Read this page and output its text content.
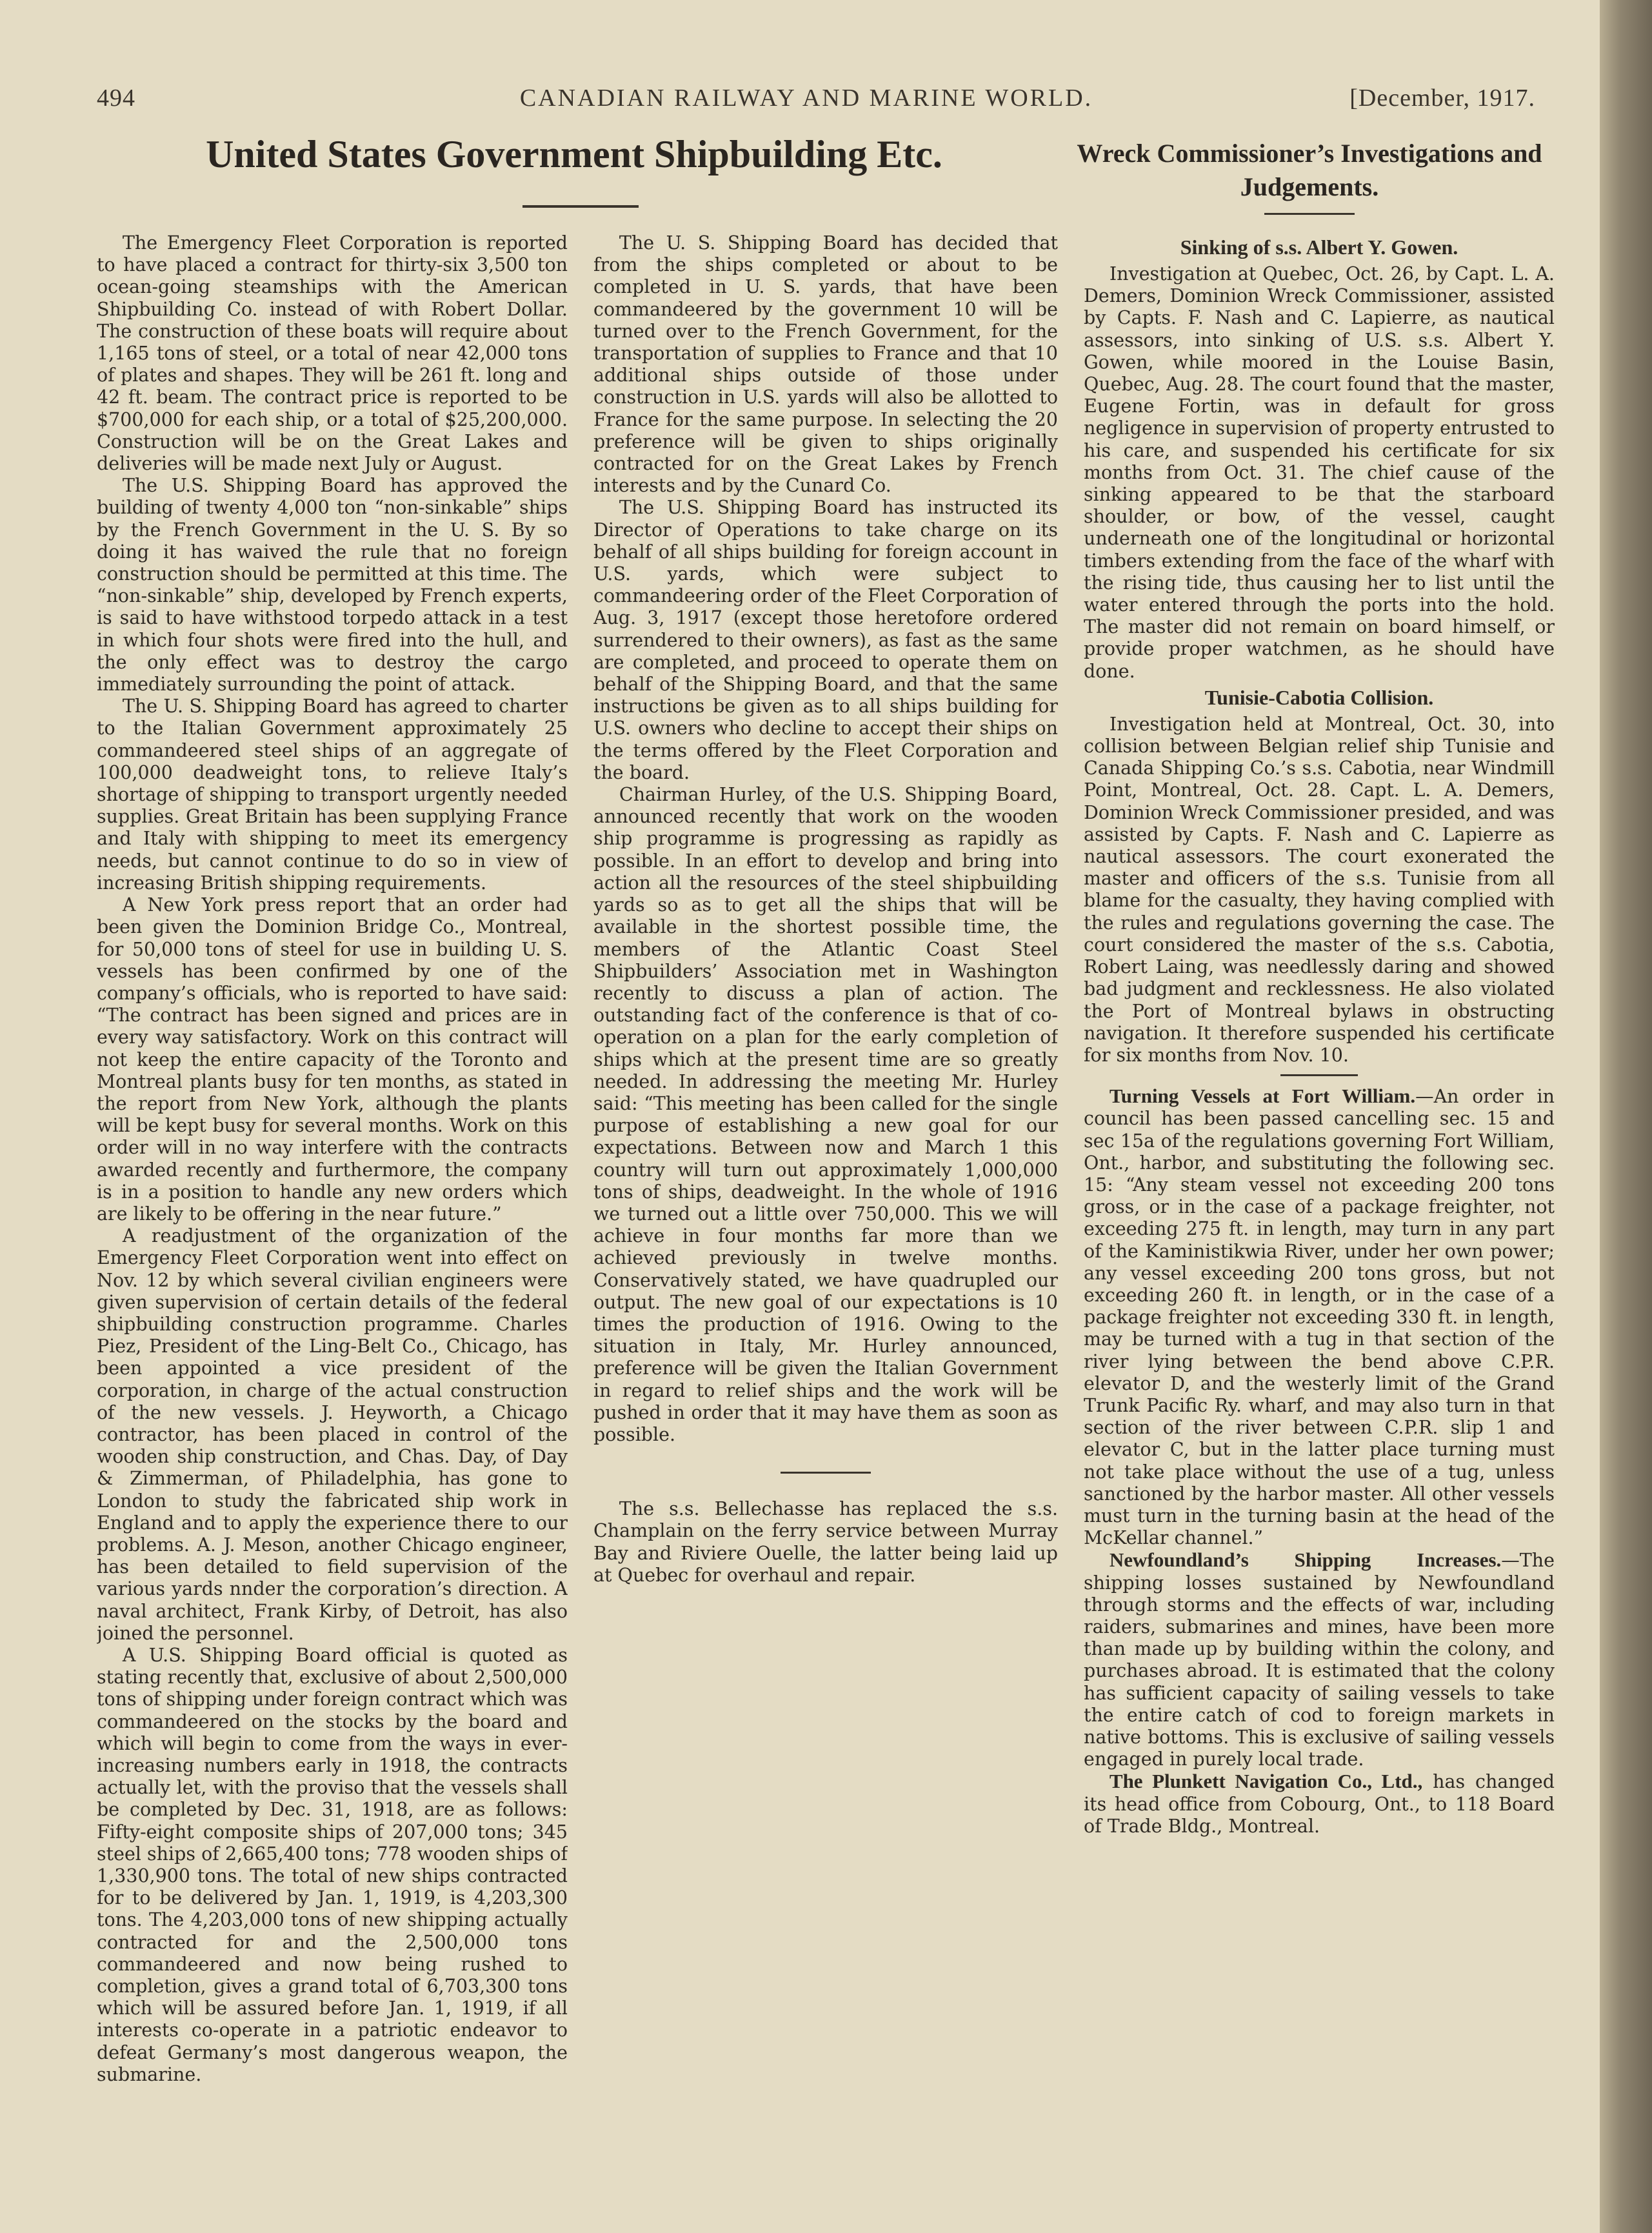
494	CANADIAN RAILWAY AND MARINE WORLD.	[December, 1917.
United States Government Shipbuilding Etc.	Wreck Commissioner’s Investigations and Judgements.

The Emergency Fleet Corporation is reported to have placed a contract for thirty-six 3,500 ton ocean-going steamships with the American Shipbuilding Co. instead of with Robert Dollar. The construction of these boats will require about 1,165 tons of steel, or a total of near 42,000 tons of plates and shapes. They will be 261 ft. long and 42 ft. beam. The contract price is reported to be $700,000 for each ship, or a total of $25,200,000. Construction will be on the Great Lakes and deliveries will be made next July or August.

The U.S. Shipping Board has approved the building of twenty 4,000 ton “non-sinkable” ships by the French Government in the U. S. By so doing it has waived the rule that no foreign construction should be permitted at this time. The “non-sinkable” ship, developed by French experts, is said to have withstood torpedo attack in a test in which four shots were fired into the hull, and the only effect was to destroy the cargo immediately surrounding the point of attack.

The U. S. Shipping Board has agreed to charter to the Italian Government approximately 25 commandeered steel ships of an aggregate of 100,000 deadweight tons, to relieve Italy’s shortage of shipping to transport urgently needed supplies. Great Britain has been supplying France and Italy with shipping to meet its emergency needs, but cannot continue to do so in view of increasing British shipping requirements.

A New York press report that an order had been given the Dominion Bridge Co., Montreal, for 50,000 tons of steel for use in building U. S. vessels has been confirmed by one of the company’s officials, who is reported to have said: “The contract has been signed and prices are in every way satisfactory. Work on this contract will not keep the entire capacity of the Toronto and Montreal plants busy for ten months, as stated in the report from New York, although the plants will be kept busy for several months. Work on this order will in no way interfere with the contracts awarded recently and furthermore, the company is in a position to handle any new orders which are likely to be offering in the near future.”

A readjustment of the organization of the Emergency Fleet Corporation went into effect on Nov. 12 by which several civilian engineers were given supervision of certain details of the federal shipbuilding construction programme. Charles Piez, President of the Ling-Belt Co., Chicago, has been appointed a vice president of the corporation, in charge of the actual construction of the new vessels. J. Heyworth, a Chicago contractor, has been placed in control of the wooden ship construction, and Chas. Day, of Day & Zimmerman, of Philadelphia, has gone to London to study the fabricated ship work in England and to apply the experience there to our problems. A. J. Meson, another Chicago engineer, has been detailed to field supervision of the various yards nnder the corporation’s direction. A naval architect, Frank Kirby, of Detroit, has also joined the personnel.

A U.S. Shipping Board official is quoted as stating recently that, exclusive of about 2,500,000 tons of shipping under foreign contract which was commandeered on the stocks by the board and which will begin to come from the ways in ever-increasing numbers early in 1918, the contracts actually let, with the proviso that the vessels shall be completed by Dec. 31, 1918, are as follows: Fifty-eight composite ships of 207,000 tons; 345 steel ships of 2,665,400 tons; 778 wooden ships of 1,330,900 tons. The total of new ships contracted for to be delivered by Jan. 1, 1919, is 4,203,300 tons. The 4,203,000 tons of new shipping actually contracted for and the 2,500,000 tons commandeered and now being rushed to completion, gives a grand total of 6,703,300 tons which will be assured before Jan. 1, 1919, if all interests co-operate in a patriotic endeavor to defeat Germany’s most dangerous weapon, the submarine.

The U. S. Shipping Board has decided that from the ships completed or about to be completed in U. S. yards, that have been commandeered by the government 10 will be turned over to the French Government, for the transportation of supplies to France and that 10 additional ships outside of those under construction in U.S. yards will also be allotted to France for the same purpose. In selecting the 20 preference will be given to ships originally contracted for on the Great Lakes by French interests and by the Cunard Co.

The U.S. Shipping Board has instructed its Director of Operations to take charge on its behalf of all ships building for foreign account in U.S. yards, which were subject to commandeering order of the Fleet Corporation of Aug. 3, 1917 (except those heretofore ordered surrendered to their owners), as fast as the same are completed, and proceed to operate them on behalf of the Shipping Board, and that the same instructions be given as to all ships building for U.S. owners who decline to accept their ships on the terms offered by the Fleet Corporation and the board.

Chairman Hurley, of the U.S. Shipping Board, announced recently that work on the wooden ship programme is progressing as rapidly as possible. In an effort to develop and bring into action all the resources of the steel shipbuilding yards so as to get all the ships that will be available in the shortest possible time, the members of the Atlantic Coast Steel Shipbuilders’ Association met in Washington recently to discuss a plan of action. The outstanding fact of the conference is that of co-operation on a plan for the early completion of ships which at the present time are so greatly needed. In addressing the meeting Mr. Hurley said: “This meeting has been called for the single purpose of establishing a new goal for our expectations. Between now and March 1 this country will turn out approximately 1,000,000 tons of ships, deadweight. In the whole of 1916 we turned out a little over 750,000. This we will achieve in four months far more than we achieved previously in twelve months. Conservatively stated, we have quadrupled our output. The new goal of our expectations is 10 times the production of 1916. Owing to the situation in Italy, Mr. Hurley announced, preference will be given the Italian Government in regard to relief ships and the work will be pushed in order that it may have them as soon as possible.

The s.s. Bellechasse has replaced the s.s. Champlain on the ferry service between Murray Bay and Riviere Ouelle, the latter being laid up at Quebec for overhaul and repair.

Sinking of s.s. Albert Y. Gowen.

Investigation at Quebec, Oct. 26, by Capt. L. A. Demers, Dominion Wreck Commissioner, assisted by Capts. F. Nash and C. Lapierre, as nautical assessors, into sinking of U.S. s.s. Albert Y. Gowen, while moored in the Louise Basin, Quebec, Aug. 28. The court found that the master, Eugene Fortin, was in default for gross negligence in supervision of property entrusted to his care, and suspended his certificate for six months from Oct. 31. The chief cause of the sinking appeared to be that the starboard shoulder, or bow, of the vessel, caught underneath one of the longitudinal or horizontal timbers extending from the face of the wharf with the rising tide, thus causing her to list until the water entered through the ports into the hold. The master did not remain on board himself, or provide proper watchmen, as he should have done.

Tunisie-Cabotia Collision.

Investigation held at Montreal, Oct. 30, into collision between Belgian relief ship Tunisie and Canada Shipping Co.’s s.s. Cabotia, near Windmill Point, Montreal, Oct. 28. Capt. L. A. Demers, Dominion Wreck Commissioner presided, and was assisted by Capts. F. Nash and C. Lapierre as nautical assessors. The court exonerated the master and officers of the s.s. Tunisie from all blame for the casualty, they having complied with the rules and regulations governing the case. The court considered the master of the s.s. Cabotia, Robert Laing, was needlessly daring and showed bad judgment and recklessness. He also violated the Port of Montreal bylaws in obstructing navigation. It therefore suspended his certificate for six months from Nov. 10.

Turning Vessels at Fort William.—An order in council has been passed cancelling sec. 15 and sec 15a of the regulations governing Fort William, Ont., harbor, and substituting the following sec. 15: “Any steam vessel not exceeding 200 tons gross, or in the case of a package freighter, not exceeding 275 ft. in length, may turn in any part of the Kaministikwia River, under her own power; any vessel exceeding 200 tons gross, but not exceeding 260 ft. in length, or in the case of a package freighter not exceeding 330 ft. in length, may be turned with a tug in that section of the river lying between the bend above C.P.R. elevator D, and the westerly limit of the Grand Trunk Pacific Ry. wharf, and may also turn in that section of the river between C.P.R. slip 1 and elevator C, but in the latter place turning must not take place without the use of a tug, unless sanctioned by the harbor master. All other vessels must turn in the turning basin at the head of the McKellar channel.”

Newfoundland’s Shipping Increases.—The shipping losses sustained by Newfoundland through storms and the effects of war, including raiders, submarines and mines, have been more than made up by building within the colony, and purchases abroad. It is estimated that the colony has sufficient capacity of sailing vessels to take the entire catch of cod to foreign markets in native bottoms. This is exclusive of sailing vessels engaged in purely local trade.

The Plunkett Navigation Co., Ltd., has changed its head office from Cobourg, Ont., to 118 Board of Trade Bldg., Montreal.
